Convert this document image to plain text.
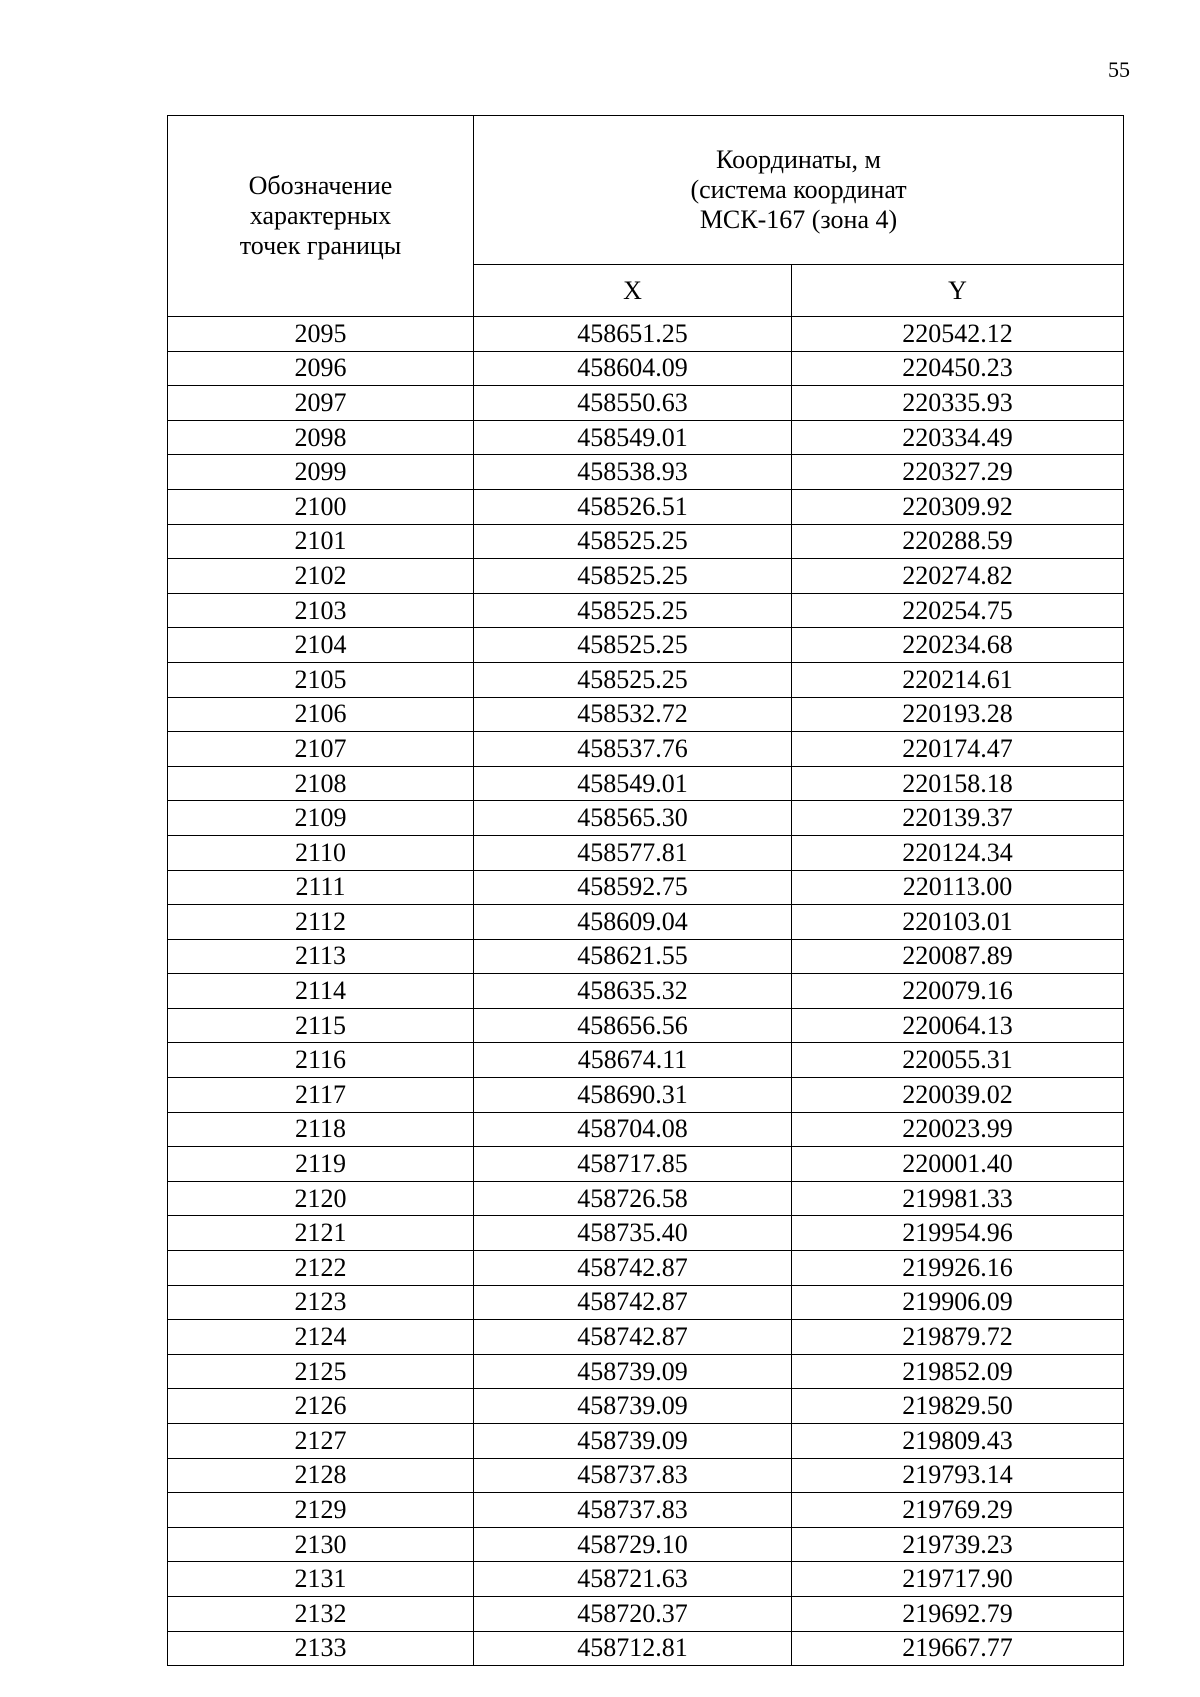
55
Обозначение
характерных
точек границы	Координаты, м
(система координат
МСК-167 (зона 4)	

	X	Y
2095	458651.25	220542.12
2096	458604.09	220450.23
2097	458550.63	220335.93
2098	458549.01	220334.49
2099	458538.93	220327.29
2100	458526.51	220309.92
2101	458525.25	220288.59
2102	458525.25	220274.82
2103	458525.25	220254.75
2104	458525.25	220234.68
2105	458525.25	220214.61
2106	458532.72	220193.28
2107	458537.76	220174.47
2108	458549.01	220158.18
2109	458565.30	220139.37
2110	458577.81	220124.34
2111	458592.75	220113.00
2112	458609.04	220103.01
2113	458621.55	220087.89
2114	458635.32	220079.16
2115	458656.56	220064.13
2116	458674.11	220055.31
2117	458690.31	220039.02
2118	458704.08	220023.99
2119	458717.85	220001.40
2120	458726.58	219981.33
2121	458735.40	219954.96
2122	458742.87	219926.16
2123	458742.87	219906.09
2124	458742.87	219879.72
2125	458739.09	219852.09
2126	458739.09	219829.50
2127	458739.09	219809.43
2128	458737.83	219793.14
2129	458737.83	219769.29
2130	458729.10	219739.23
2131	458721.63	219717.90
2132	458720.37	219692.79
2133	458712.81	219667.77
